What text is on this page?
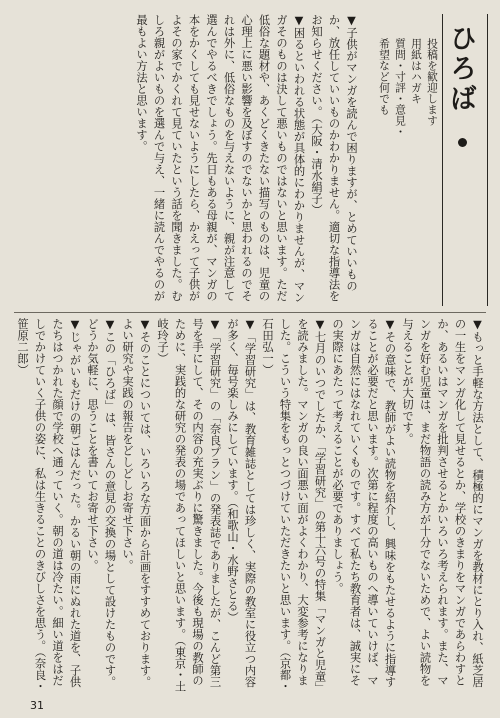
ひろば
投稿を歓迎します
用紙はハガキ
質問・寸評・意見・
希望など何でも
▼子供がマンガを読んで困りますが、とめていいものか、放任していいものかわかりません。適切な指導法をお知らせください。（大阪・清水絹子）
▼困るといわれる状態が具体的にわかりませんが、マンガそのものは決して悪いものではないと思います。ただ低俗な題材や、あくどくきたない描写のものは、児童の心理上に悪い影響を及ぼすのでないかと思われるのでそれは外に、低俗なものを与えないように、親が注意して選んでやるべきでしょう。先日もある母親が、マンガの本をかくしても見せないようにしたら、かえって子供がよその家でかくれて見ていたという話を聞きました。むしろ親がよいものを選んで与え、一緒に読んでやるのが最もよい方法と思います。
▼もっと手軽な方法として、積極的にマンガを教材にとり入れ、紙芝居の一生をマンガ化して見せるとか、学校のきまりをマンガであらわすとか、あるいはマンガを批判させるとかいろいろ考えられます。また、マンガを好む児童は、まだ物語の読み方が十分でないためで、よい読物を与えることが大切です。
▼その意味で、教師がよい読物を紹介し、興味をもたせるように指導することが必要だと思います。次第に程度の高いものへ導いていけば、マンガは自然にはなれていくものです。すべて私たち教育者は、誠実にその実際にあたって考えることが必要でありましょう。
▼七月のいつでしたか、「学習研究」の第十六号の特集「マンガと児童」を読みました。マンガの良い面悪い面がよくわかり、大変参考になりました。こういう特集をもっとつづけていただきたいと思います。（京都・石田弘一）
▼「学習研究」は、教育雑誌としては珍しく、実際の教室に役立つ内容が多く、毎号楽しみにしています。（和歌山・水野さとる）
▼「学習研究」の「奈良プラン」の発表誌でありましたが、こんど第三号を手にして、その内容の充実ぶりに驚きました。今後も現場の教師のために、実践的な研究の発表の場であってほしいと思います。（東京・土岐玲子）
▼そのことについては、いろいろな方面から計画をすすめております。よい研究や実践の報告をどしどしお寄せ下さい。
▼この「ひろば」は、皆さんの意見の交換の場として設けたものです。どうか気軽に、思うことを書いてお寄せ下さい。
▼じゃがいもだけの朝ごはんだった。かるい朝の雨にぬれた道を、子供たちはつかれた顔で学校へ通っていく。朝の道は冷たい。細い道をはだしでかけていく子供の姿に、私は生きることのきびしさを思う。（奈良・笹原二郎）
31
